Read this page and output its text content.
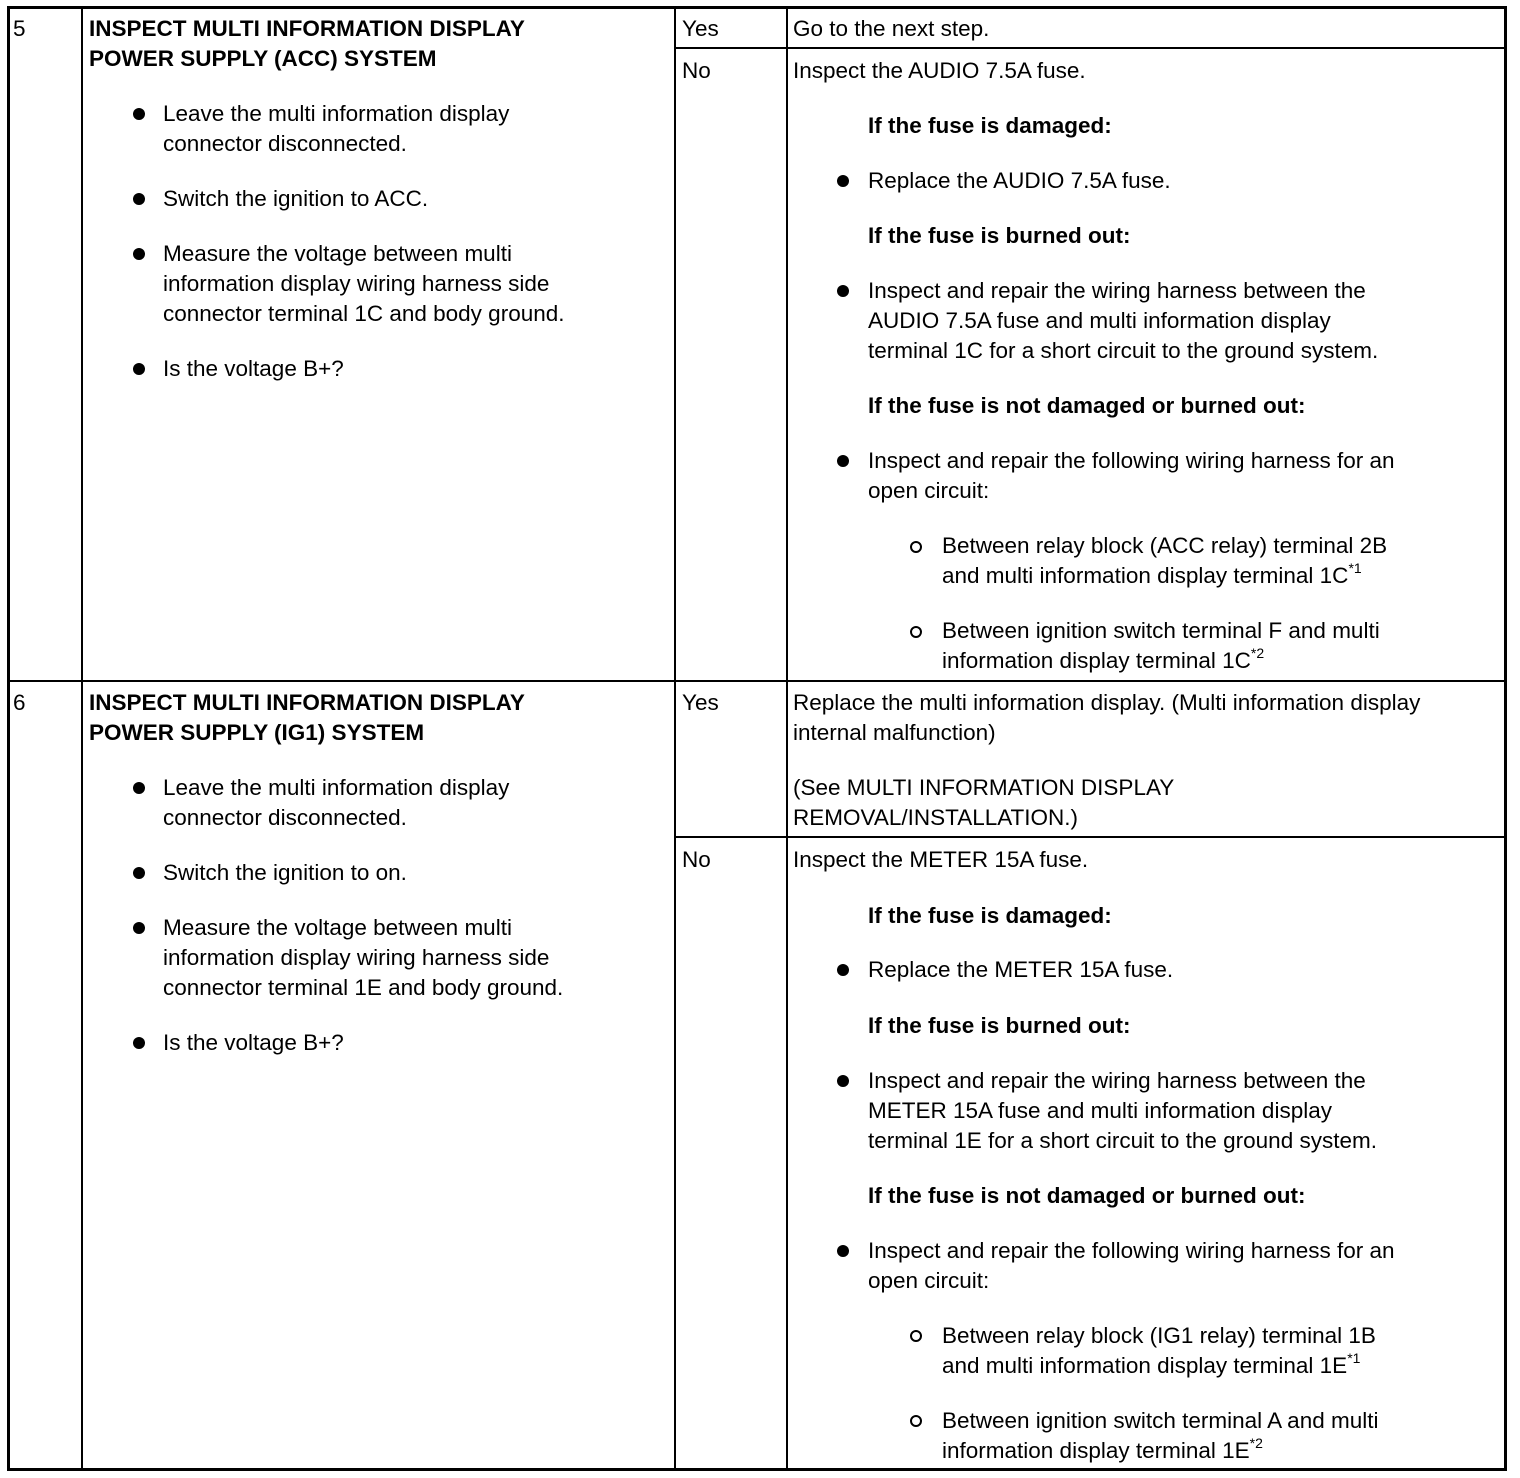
5	INSPECT MULTI INFORMATION DISPLAY
POWER SUPPLY (ACC) SYSTEM
Leave the multi information display
connector disconnected.
Switch the ignition to ACC.
Measure the voltage between multi
information display wiring harness side
connector terminal 1C and body ground.
Is the voltage B+?
Yes	Go to the next step.
No	Inspect the AUDIO 7.5A fuse.
If the fuse is damaged:
Replace the AUDIO 7.5A fuse.
If the fuse is burned out:
Inspect and repair the wiring harness between the
AUDIO 7.5A fuse and multi information display
terminal 1C for a short circuit to the ground system.
If the fuse is not damaged or burned out:
Inspect and repair the following wiring harness for an
open circuit:
Between relay block (ACC relay) terminal 2B
and multi information display terminal $1C^{*1}$
Between ignition switch terminal F and multi
information display terminal $1C^{*2}$
6	INSPECT MULTI INFORMATION DISPLAY
POWER SUPPLY (IG1) SYSTEM
Leave the multi information display
connector disconnected.
Switch the ignition to on.
Measure the voltage between multi
information display wiring harness side
connector terminal 1E and body ground.
Is the voltage B+?
Yes	Replace the multi information display. (Multi information display
internal malfunction)
(See MULTI INFORMATION DISPLAY
REMOVAL/INSTALLATION.)
No	Inspect the METER 15A fuse.
If the fuse is damaged:
Replace the METER 15A fuse.
If the fuse is burned out:
Inspect and repair the wiring harness between the
METER 15A fuse and multi information display
terminal 1E for a short circuit to the ground system.
If the fuse is not damaged or burned out:
Inspect and repair the following wiring harness for an
open circuit:
Between relay block (IG1 relay) terminal 1B
and multi information display terminal $1E^{*1}$
Between ignition switch terminal A and multi
information display terminal $1E^{*2}$
